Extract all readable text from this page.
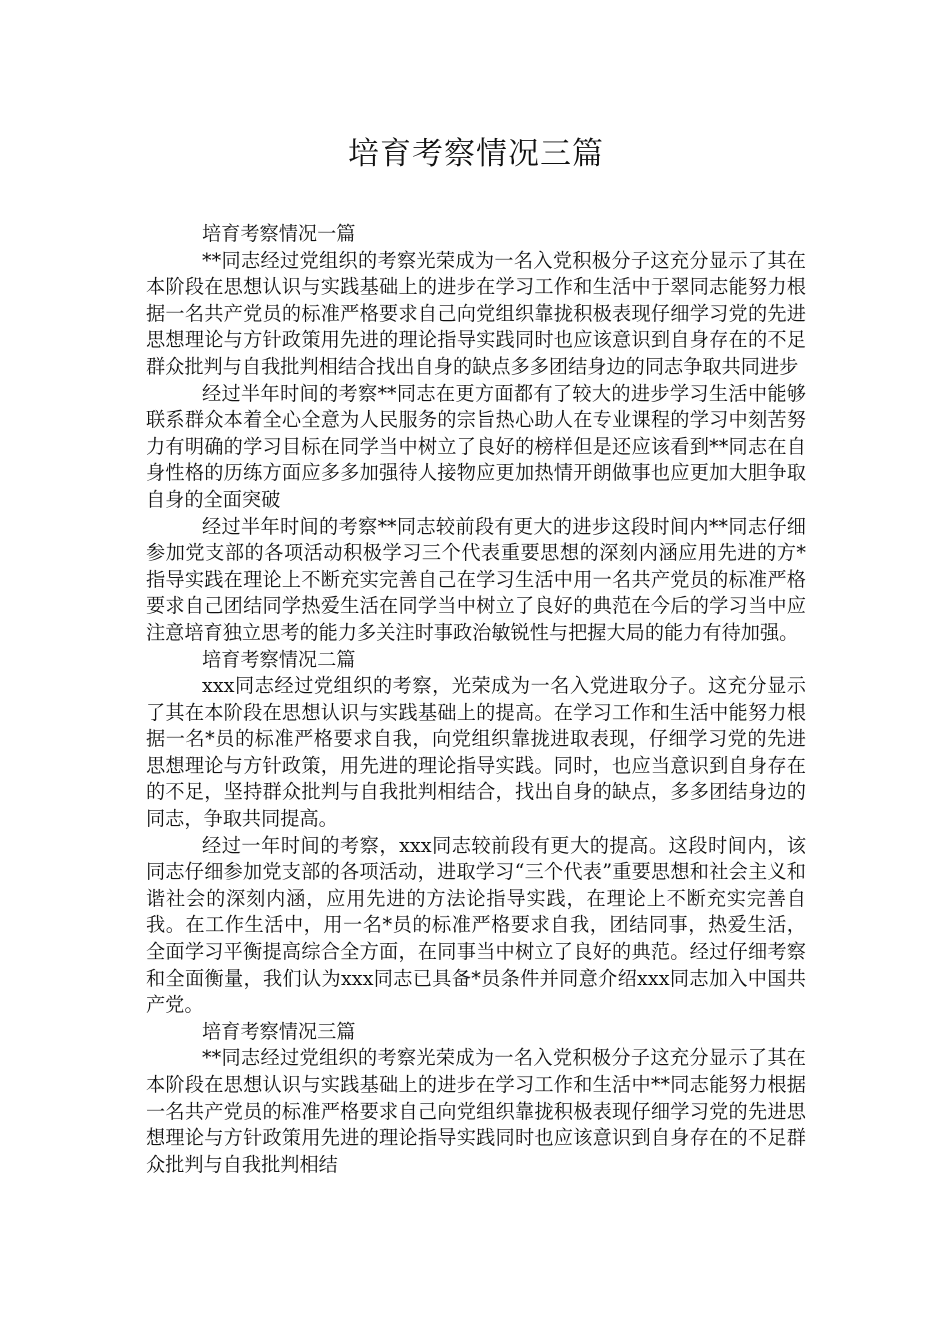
培育考察情况三篇

培育考察情况一篇

**同志经过党组织的考察光荣成为一名入党积极分子这充分显示了其在本阶段在思想认识与实践基础上的进步在学习工作和生活中于翠同志能努力根据一名共产党员的标准严格要求自己向党组织靠拢积极表现仔细学习党的先进思想理论与方针政策用先进的理论指导实践同时也应该意识到自身存在的不足群众批判与自我批判相结合找出自身的缺点多多团结身边的同志争取共同进步

经过半年时间的考察**同志在更方面都有了较大的进步学习生活中能够联系群众本着全心全意为人民服务的宗旨热心助人在专业课程的学习中刻苦努力有明确的学习目标在同学当中树立了良好的榜样但是还应该看到**同志在自身性格的历练方面应多多加强待人接物应更加热情开朗做事也应更加大胆争取自身的全面突破

经过半年时间的考察**同志较前段有更大的进步这段时间内**同志仔细参加党支部的各项活动积极学习三个代表重要思想的深刻内涵应用先进的方*指导实践在理论上不断充实完善自己在学习生活中用一名共产党员的标准严格要求自己团结同学热爱生活在同学当中树立了良好的典范在今后的学习当中应注意培育独立思考的能力多关注时事政治敏锐性与把握大局的能力有待加强。

培育考察情况二篇

xxx同志经过党组织的考察，光荣成为一名入党进取分子。这充分显示了其在本阶段在思想认识与实践基础上的提高。在学习工作和生活中能努力根据一名*员的标准严格要求自我，向党组织靠拢进取表现，仔细学习党的先进思想理论与方针政策，用先进的理论指导实践。同时，也应当意识到自身存在的不足，坚持群众批判与自我批判相结合，找出自身的缺点，多多团结身边的同志，争取共同提高。

经过一年时间的考察，xxx同志较前段有更大的提高。这段时间内，该同志仔细参加党支部的各项活动，进取学习“三个代表”重要思想和社会主义和谐社会的深刻内涵，应用先进的方法论指导实践，在理论上不断充实完善自我。在工作生活中，用一名*员的标准严格要求自我，团结同事，热爱生活，全面学习平衡提高综合全方面，在同事当中树立了良好的典范。经过仔细考察和全面衡量，我们认为xxx同志已具备*员条件并同意介绍xxx同志加入中国共产党。

培育考察情况三篇

**同志经过党组织的考察光荣成为一名入党积极分子这充分显示了其在本阶段在思想认识与实践基础上的进步在学习工作和生活中**同志能努力根据一名共产党员的标准严格要求自己向党组织靠拢积极表现仔细学习党的先进思想理论与方针政策用先进的理论指导实践同时也应该意识到自身存在的不足群众批判与自我批判相结
